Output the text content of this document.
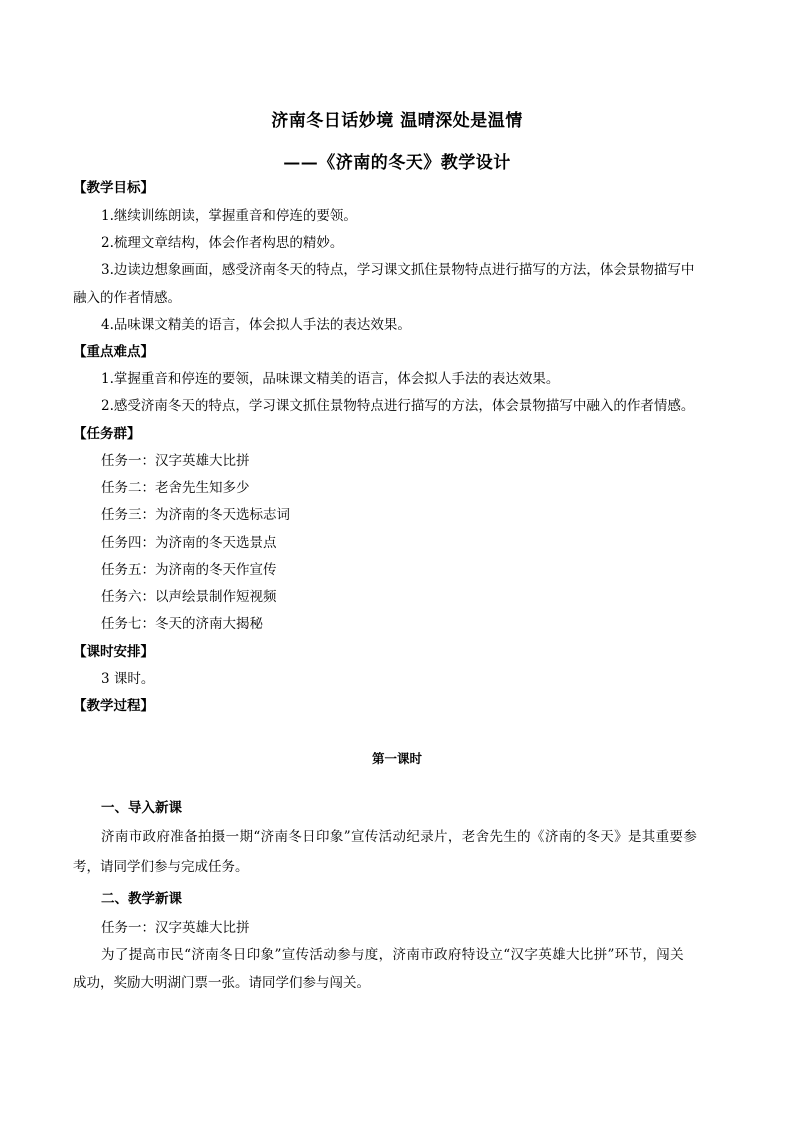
济南冬日话妙境 温晴深处是温情
——《济南的冬天》教学设计
【教学目标】
1.继续训练朗读，掌握重音和停连的要领。
2.梳理文章结构，体会作者构思的精妙。
3.边读边想象画面，感受济南冬天的特点，学习课文抓住景物特点进行描写的方法，体会景物描写中
融入的作者情感。
4.品味课文精美的语言，体会拟人手法的表达效果。
【重点难点】
1.掌握重音和停连的要领，品味课文精美的语言，体会拟人手法的表达效果。
2.感受济南冬天的特点，学习课文抓住景物特点进行描写的方法，体会景物描写中融入的作者情感。
【任务群】
任务一：汉字英雄大比拼
任务二：老舍先生知多少
任务三：为济南的冬天选标志词
任务四：为济南的冬天选景点
任务五：为济南的冬天作宣传
任务六：以声绘景制作短视频
任务七：冬天的济南大揭秘
【课时安排】
3 课时。
【教学过程】
第一课时
一、导入新课
济南市政府准备拍摄一期“济南冬日印象”宣传活动纪录片，老舍先生的《济南的冬天》是其重要参
考，请同学们参与完成任务。
二、教学新课
任务一：汉字英雄大比拼
为了提高市民“济南冬日印象”宣传活动参与度，济南市政府特设立“汉字英雄大比拼”环节，闯关
成功，奖励大明湖门票一张。请同学们参与闯关。
